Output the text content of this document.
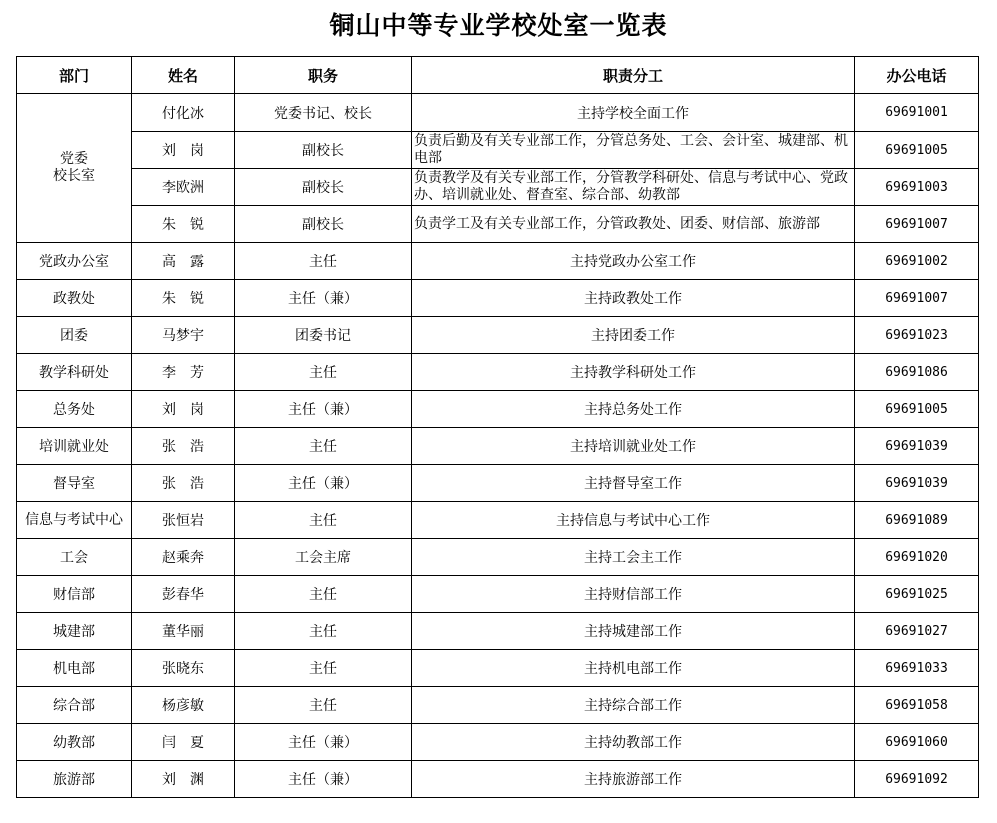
铜山中等专业学校处室一览表
部门	姓名	职务	职责分工	办公电话
党委
校长室	付化冰	党委书记、校长	主持学校全面工作	69691001
	刘　岗	副校长	负责后勤及有关专业部工作，分管总务处、工会、会计室、城建部、机电部	69691005
	李欧洲	副校长	负责教学及有关专业部工作，分管教学科研处、信息与考试中心、党政办、培训就业处、督查室、综合部、幼教部	69691003
	朱　锐	副校长	负责学工及有关专业部工作，分管政教处、团委、财信部、旅游部	69691007
党政办公室	高　露	主任	主持党政办公室工作	69691002
政教处	朱　锐	主任（兼）	主持政教处工作	69691007
团委	马梦宇	团委书记	主持团委工作	69691023
教学科研处	李　芳	主任	主持教学科研处工作	69691086
总务处	刘　岗	主任（兼）	主持总务处工作	69691005
培训就业处	张　浩	主任	主持培训就业处工作	69691039
督导室	张　浩	主任（兼）	主持督导室工作	69691039
信息与考试中心	张恒岩	主任	主持信息与考试中心工作	69691089
工会	赵乘奔	工会主席	主持工会主工作	69691020
财信部	彭春华	主任	主持财信部工作	69691025
城建部	董华丽	主任	主持城建部工作	69691027
机电部	张晓东	主任	主持机电部工作	69691033
综合部	杨彦敏	主任	主持综合部工作	69691058
幼教部	闫　夏	主任（兼）	主持幼教部工作	69691060
旅游部	刘　渊	主任（兼）	主持旅游部工作	69691092
